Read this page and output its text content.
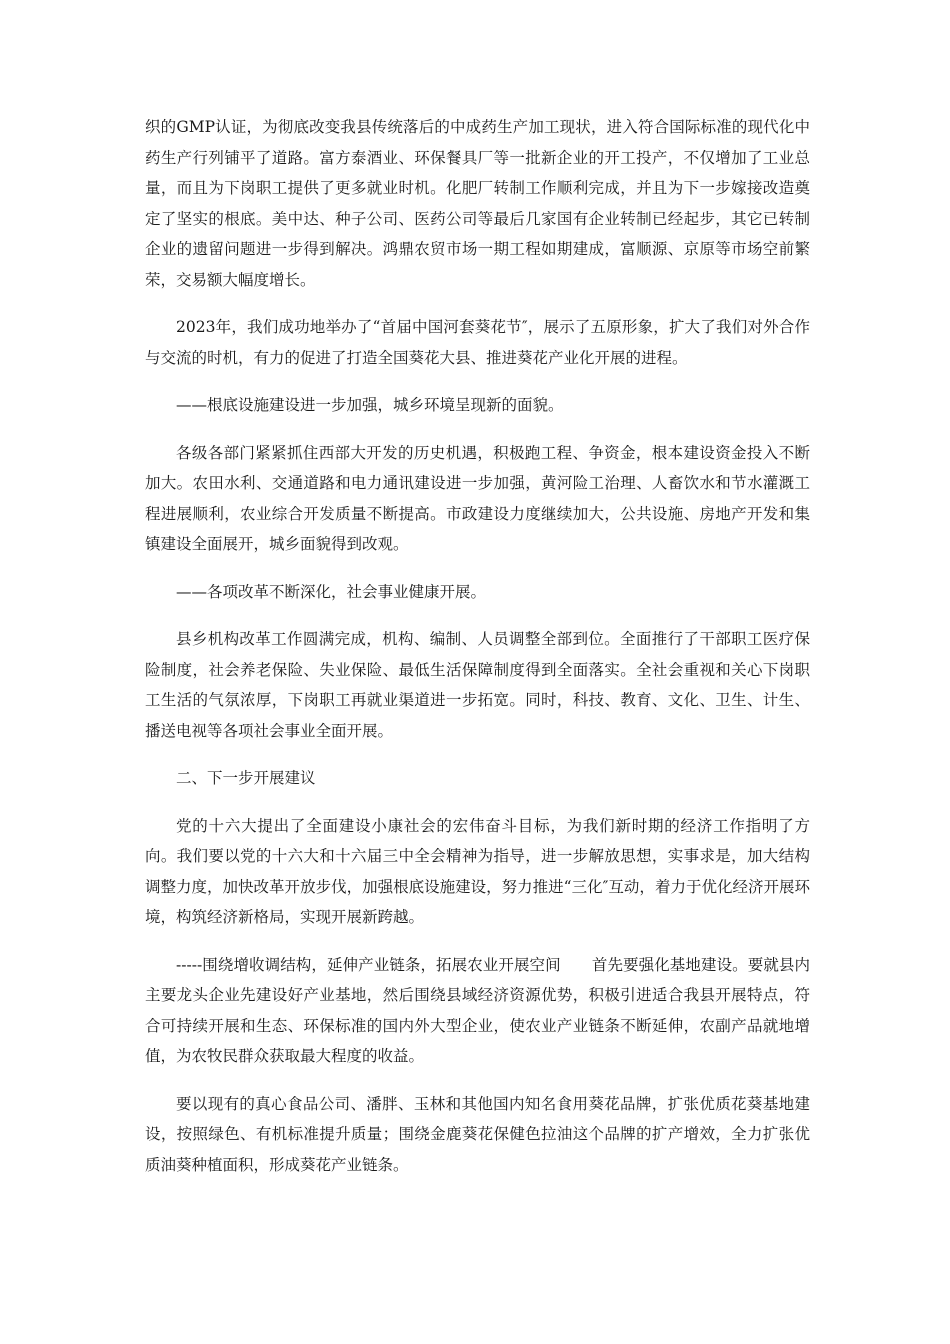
织的GMP认证，为彻底改变我县传统落后的中成药生产加工现状，进入符合国际标准的现代化中药生产行列铺平了道路。富方泰酒业、环保餐具厂等一批新企业的开工投产，不仅增加了工业总量，而且为下岗职工提供了更多就业时机。化肥厂转制工作顺利完成，并且为下一步嫁接改造奠定了坚实的根底。美中达、种子公司、医药公司等最后几家国有企业转制已经起步，其它已转制企业的遗留问题进一步得到解决。鸿鼎农贸市场一期工程如期建成，富顺源、京原等市场空前繁荣，交易额大幅度增长。

2023年，我们成功地举办了“首届中国河套葵花节″，展示了五原形象，扩大了我们对外合作与交流的时机，有力的促进了打造全国葵花大县、推进葵花产业化开展的进程。

——根底设施建设进一步加强，城乡环境呈现新的面貌。

各级各部门紧紧抓住西部大开发的历史机遇，积极跑工程、争资金，根本建设资金投入不断加大。农田水利、交通道路和电力通讯建设进一步加强，黄河险工治理、人畜饮水和节水灌溉工程进展顺利，农业综合开发质量不断提高。市政建设力度继续加大，公共设施、房地产开发和集镇建设全面展开，城乡面貌得到改观。

——各项改革不断深化，社会事业健康开展。

县乡机构改革工作圆满完成，机构、编制、人员调整全部到位。全面推行了干部职工医疗保险制度，社会养老保险、失业保险、最低生活保障制度得到全面落实。全社会重视和关心下岗职工生活的气氛浓厚，下岗职工再就业渠道进一步拓宽。同时，科技、教育、文化、卫生、计生、播送电视等各项社会事业全面开展。

二、下一步开展建议

党的十六大提出了全面建设小康社会的宏伟奋斗目标，为我们新时期的经济工作指明了方向。我们要以党的十六大和十六届三中全会精神为指导，进一步解放思想，实事求是，加大结构调整力度，加快改革开放步伐，加强根底设施建设，努力推进“三化″互动，着力于优化经济开展环境，构筑经济新格局，实现开展新跨越。

-----围绕增收调结构，延伸产业链条，拓展农业开展空间　　首先要强化基地建设。要就县内主要龙头企业先建设好产业基地，然后围绕县域经济资源优势，积极引进适合我县开展特点，符合可持续开展和生态、环保标准的国内外大型企业，使农业产业链条不断延伸，农副产品就地增值，为农牧民群众获取最大程度的收益。

要以现有的真心食品公司、潘胖、玉林和其他国内知名食用葵花品牌，扩张优质花葵基地建设，按照绿色、有机标准提升质量；围绕金鹿葵花保健色拉油这个品牌的扩产增效，全力扩张优质油葵种植面积，形成葵花产业链条。
